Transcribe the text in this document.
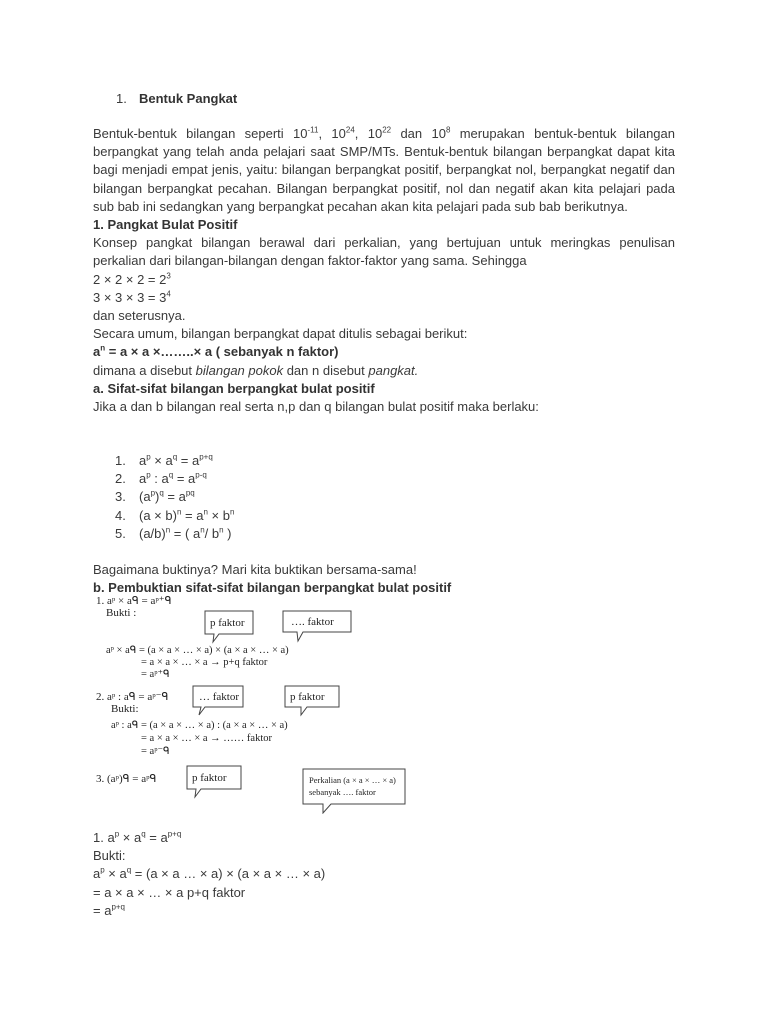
1. Bentuk Pangkat
Bentuk-bentuk bilangan seperti $10^{-11}$, $10^{24}$, $10^{22}$ dan $10^8$ merupakan bentuk-bentuk bilangan berpangkat yang telah anda pelajari saat SMP/MTs. Bentuk-bentuk bilangan berpangkat dapat kita bagi menjadi empat jenis, yaitu: bilangan berpangkat positif, berpangkat nol, berpangkat negatif dan bilangan berpangkat pecahan. Bilangan berpangkat positif, nol dan negatif akan kita pelajari pada sub bab ini sedangkan yang berpangkat pecahan akan kita pelajari pada sub bab berikutnya.
1. Pangkat Bulat Positif
Konsep pangkat bilangan berawal dari perkalian, yang bertujuan untuk meringkas penulisan perkalian dari bilangan-bilangan dengan faktor-faktor yang sama. Sehingga
$2 \times 2 \times 2 = 2^3$
$3 \times 3 \times 3 = 3^4$
dan seterusnya.
Secara umum, bilangan berpangkat dapat ditulis sebagai berikut:
$a^n = a \times a$ ×……..× a ( sebanyak n faktor)
dimana a disebut bilangan pokok dan n disebut pangkat.
a. Sifat-sifat bilangan berpangkat bulat positif
Jika a dan b bilangan real serta n,p dan q bilangan bulat positif maka berlaku:
1. $a^p \times a^q = a^{p+q}$
2. $a^p$ : $a^q = a^{p-q}$
3. $(a^p)^q = a^{pq}$
4. $(a \times b)^n = a^n \times b^n$
5. $(a/b)^n$ = ( $a^n/$ $b^n$ )
Bagaimana buktinya? Mari kita buktikan bersama-sama!
b. Pembuktian sifat-sifat bilangan berpangkat bulat positif
1. aᵖ × aᑫ = aᵖ⁺ᑫ
Bukti :
p faktor	…. faktor
aᵖ × aᑫ = (a × a × … × a) × (a × a × … × a)
= a × a × … × a → p+q faktor
= aᵖ⁺ᑫ
2. aᵖ : aᑫ = aᵖ⁻ᑫ
Bukti:
… faktor	p faktor
aᵖ : aᑫ = (a × a × … × a) : (a × a × … × a)
= a × a × … × a → …… faktor
= aᵖ⁻ᑫ
3. (aᵖ)ᑫ = aᵖᑫ	p faktor	Perkalian (a × a × … × a)
sebanyak …. faktor
1. $a^p \times a^q = a^{p+q}$
Bukti:
$a^p \times a^q = (a \times a$ … × a) × (a × a × … × a)
= a × a × … × a p+q faktor
= $a^{p+q}$
